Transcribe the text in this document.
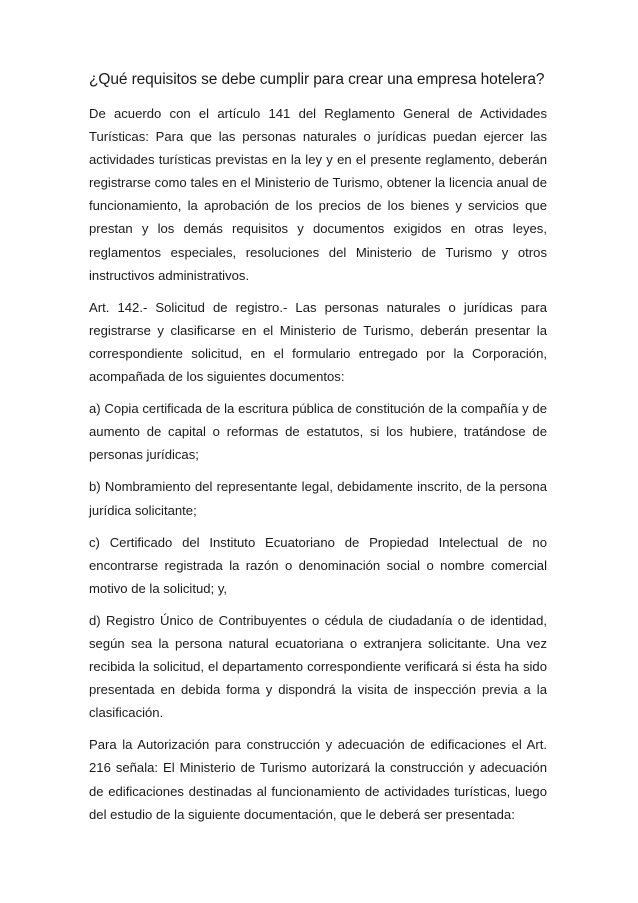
¿Qué requisitos se debe cumplir para crear una empresa hotelera?

De acuerdo con el artículo 141 del Reglamento General de Actividades Turísticas: Para que las personas naturales o jurídicas puedan ejercer las actividades turísticas previstas en la ley y en el presente reglamento, deberán registrarse como tales en el Ministerio de Turismo, obtener la licencia anual de funcionamiento, la aprobación de los precios de los bienes y servicios que prestan y los demás requisitos y documentos exigidos en otras leyes, reglamentos especiales, resoluciones del Ministerio de Turismo y otros instructivos administrativos.

Art. 142.- Solicitud de registro.- Las personas naturales o jurídicas para registrarse y clasificarse en el Ministerio de Turismo, deberán presentar la correspondiente solicitud, en el formulario entregado por la Corporación, acompañada de los siguientes documentos:

a) Copia certificada de la escritura pública de constitución de la compañía y de aumento de capital o reformas de estatutos, si los hubiere, tratándose de personas jurídicas;

b) Nombramiento del representante legal, debidamente inscrito, de la persona jurídica solicitante;

c) Certificado del Instituto Ecuatoriano de Propiedad Intelectual de no encontrarse registrada la razón o denominación social o nombre comercial motivo de la solicitud; y,

d) Registro Único de Contribuyentes o cédula de ciudadanía o de identidad, según sea la persona natural ecuatoriana o extranjera solicitante. Una vez recibida la solicitud, el departamento correspondiente verificará si ésta ha sido presentada en debida forma y dispondrá la visita de inspección previa a la clasificación.

Para la Autorización para construcción y adecuación de edificaciones el Art. 216 señala: El Ministerio de Turismo autorizará la construcción y adecuación de edificaciones destinadas al funcionamiento de actividades turísticas, luego del estudio de la siguiente documentación, que le deberá ser presentada:
